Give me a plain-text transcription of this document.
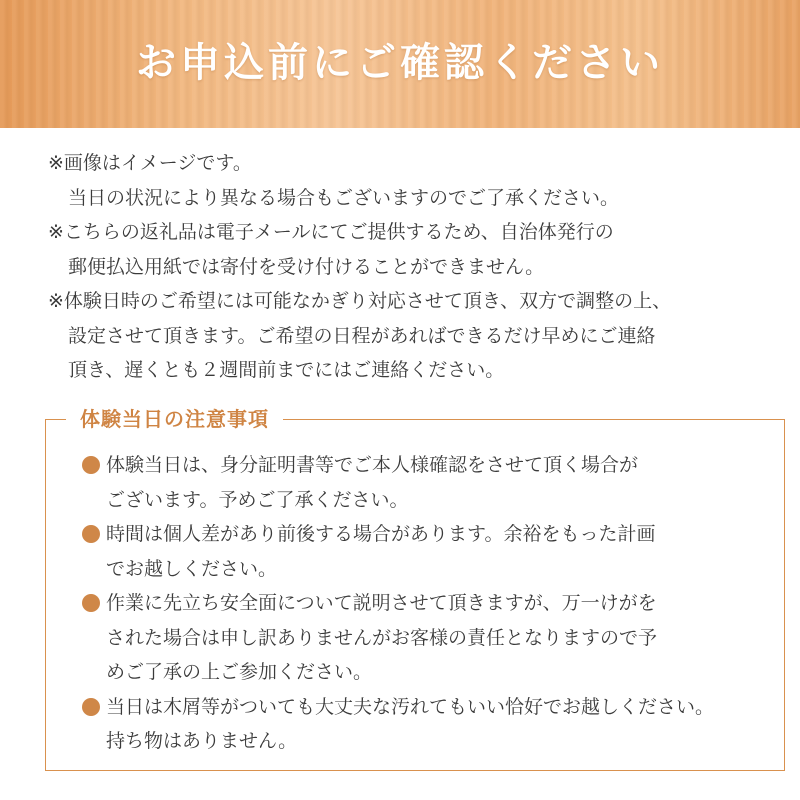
お申込前にご確認ください
※画像はイメージです。
当日の状況により異なる場合もございますのでご了承ください。
※こちらの返礼品は電子メールにてご提供するため、自治体発行の
郵便払込用紙では寄付を受け付けることができません。
※体験日時のご希望には可能なかぎり対応させて頂き、双方で調整の上、
設定させて頂きます。ご希望の日程があればできるだけ早めにご連絡
頂き、遅くとも２週間前までにはご連絡ください。
体験当日の注意事項
体験当日は、身分証明書等でご本人様確認をさせて頂く場合が
ございます。予めご了承ください。
時間は個人差があり前後する場合があります。余裕をもった計画
でお越しください。
作業に先立ち安全面について説明させて頂きますが、万一けがを
された場合は申し訳ありませんがお客様の責任となりますので予
めご了承の上ご参加ください。
当日は木屑等がついても大丈夫な汚れてもいい恰好でお越しください。
持ち物はありません。
